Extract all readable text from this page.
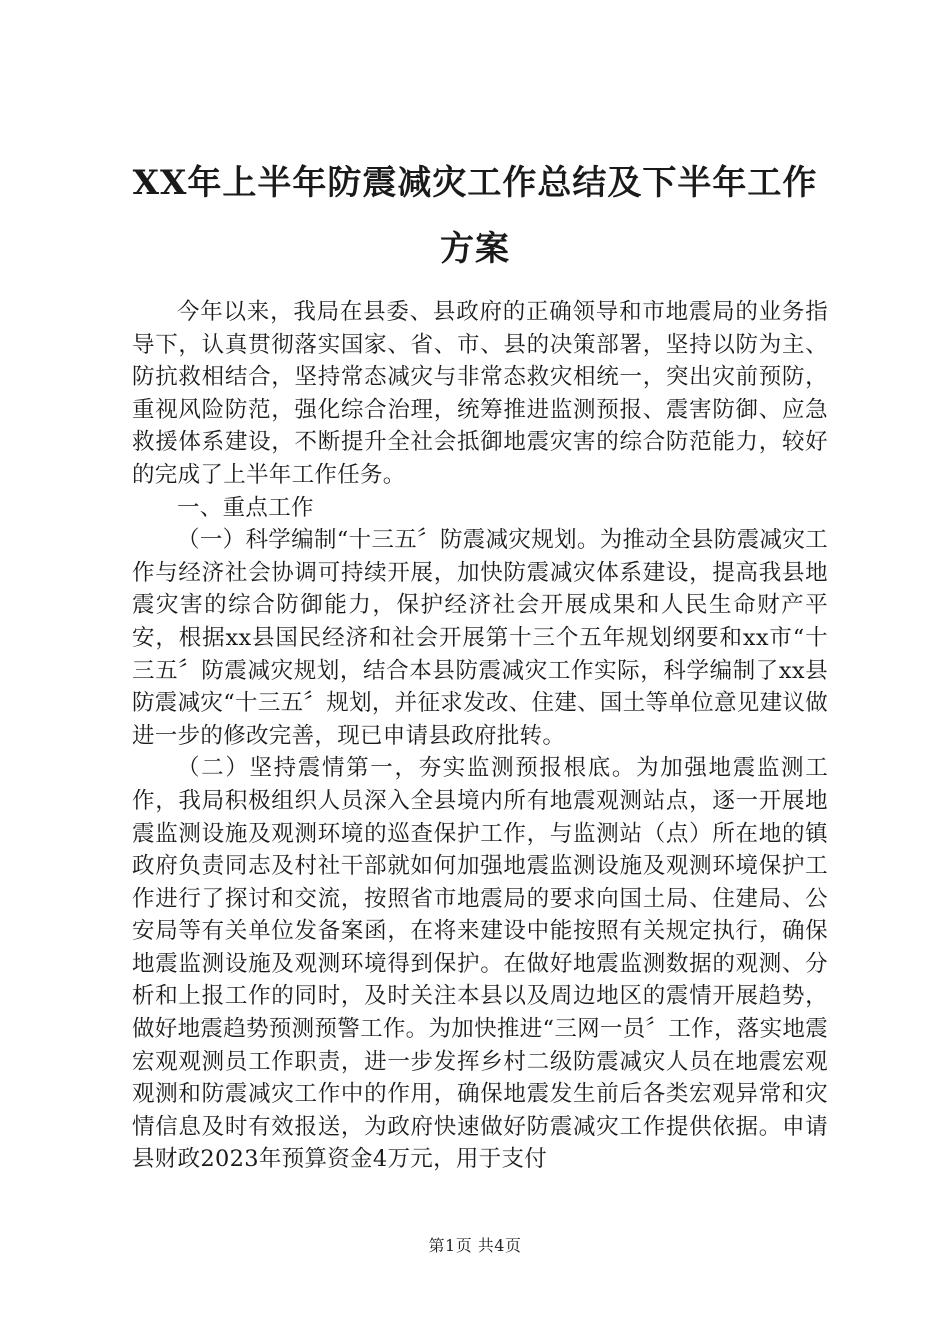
XX年上半年防震减灾工作总结及下半年工作
方案

今年以来，我局在县委、县政府的正确领导和市地震局的业务指导下，认真贯彻落实国家、省、市、县的决策部署，坚持以防为主、防抗救相结合，坚持常态减灾与非常态救灾相统一，突出灾前预防，重视风险防范，强化综合治理，统筹推进监测预报、震害防御、应急救援体系建设，不断提升全社会抵御地震灾害的综合防范能力，较好的完成了上半年工作任务。

一、重点工作

（一）科学编制“十三五〞防震减灾规划。为推动全县防震减灾工作与经济社会协调可持续开展，加快防震减灾体系建设，提高我县地震灾害的综合防御能力，保护经济社会开展成果和人民生命财产平安，根据xx县国民经济和社会开展第十三个五年规划纲要和xx市“十三五〞防震减灾规划，结合本县防震减灾工作实际，科学编制了xx县防震减灾“十三五〞规划，并征求发改、住建、国土等单位意见建议做进一步的修改完善，现已申请县政府批转。

（二）坚持震情第一，夯实监测预报根底。为加强地震监测工作，我局积极组织人员深入全县境内所有地震观测站点，逐一开展地震监测设施及观测环境的巡查保护工作，与监测站（点）所在地的镇政府负责同志及村社干部就如何加强地震监测设施及观测环境保护工作进行了探讨和交流，按照省市地震局的要求向国土局、住建局、公安局等有关单位发备案函，在将来建设中能按照有关规定执行，确保地震监测设施及观测环境得到保护。在做好地震监测数据的观测、分析和上报工作的同时，及时关注本县以及周边地区的震情开展趋势，做好地震趋势预测预警工作。为加快推进“三网一员〞工作，落实地震宏观观测员工作职责，进一步发挥乡村二级防震减灾人员在地震宏观观测和防震减灾工作中的作用，确保地震发生前后各类宏观异常和灾情信息及时有效报送，为政府快速做好防震减灾工作提供依据。申请县财政2023年预算资金4万元，用于支付

第1页 共4页
